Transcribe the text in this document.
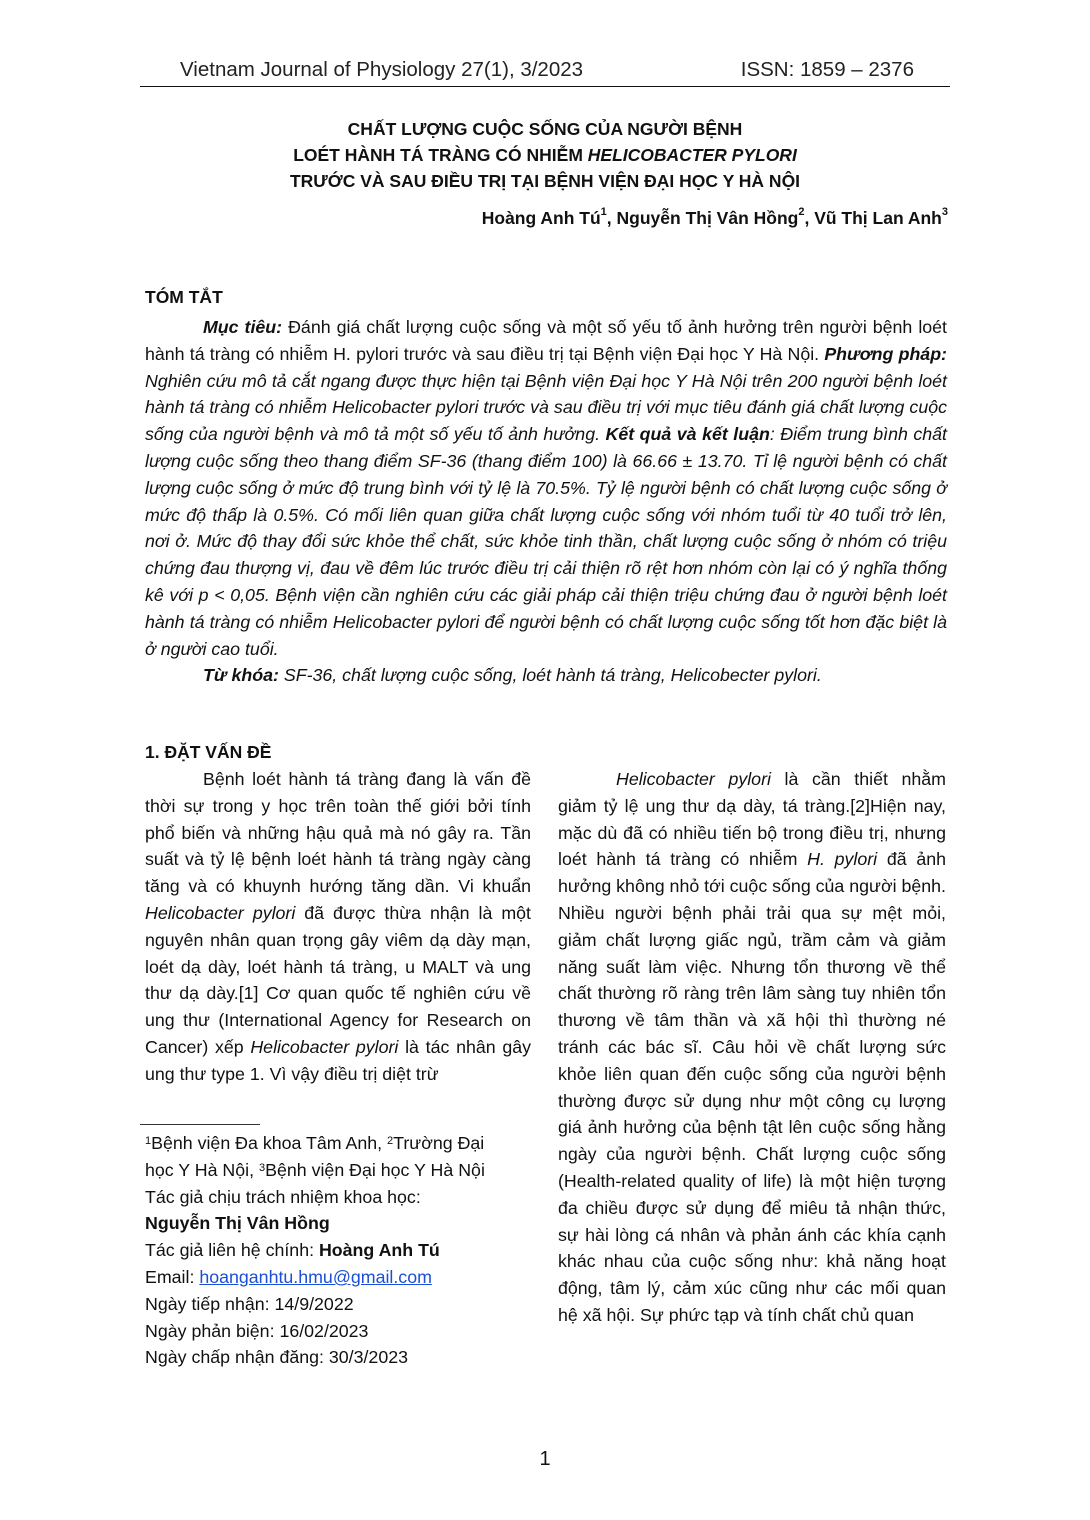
Vietnam Journal of Physiology 27(1), 3/2023	ISSN: 1859 – 2376
CHẤT LƯỢNG CUỘC SỐNG CỦA NGƯỜI BỆNH
LOÉT HÀNH TÁ TRÀNG CÓ NHIỄM HELICOBACTER PYLORI
TRƯỚC VÀ SAU ĐIỀU TRỊ TẠI BỆNH VIỆN ĐẠI HỌC Y HÀ NỘI
Hoàng Anh $Tú^1$, Nguyễn Thị Vân Hồng$^2$, Vũ Thị Lan Anh$^3$
TÓM TẮT

Mục tiêu: Đánh giá chất lượng cuộc sống và một số yếu tố ảnh hưởng trên người bệnh loét hành tá tràng có nhiễm H. pylori trước và sau điều trị tại Bệnh viện Đại học Y Hà Nội. Phương pháp: Nghiên cứu mô tả cắt ngang được thực hiện tại Bệnh viện Đại học Y Hà Nội trên 200 người bệnh loét hành tá tràng có nhiễm Helicobacter pylori trước và sau điều trị với mục tiêu đánh giá chất lượng cuộc sống của người bệnh và mô tả một số yếu tố ảnh hưởng. Kết quả và kết luận: Điểm trung bình chất lượng cuộc sống theo thang điểm SF-36 (thang điểm 100) là 66.66 ± 13.70. Tỉ lệ người bệnh có chất lượng cuộc sống ở mức độ trung bình với tỷ lệ là 70.5%. Tỷ lệ người bệnh có chất lượng cuộc sống ở mức độ thấp là 0.5%. Có mối liên quan giữa chất lượng cuộc sống với nhóm tuổi từ 40 tuổi trở lên, nơi ở. Mức độ thay đổi sức khỏe thể chất, sức khỏe tinh thần, chất lượng cuộc sống ở nhóm có triệu chứng đau thượng vị, đau về đêm lúc trước điều trị cải thiện rõ rệt hơn nhóm còn lại có ý nghĩa thống kê với p < 0,05. Bệnh viện cần nghiên cứu các giải pháp cải thiện triệu chứng đau ở người bệnh loét hành tá tràng có nhiễm Helicobacter pylori để người bệnh có chất lượng cuộc sống tốt hơn đặc biệt là ở người cao tuổi.

Từ khóa: SF-36, chất lượng cuộc sống, loét hành tá tràng, Helicobecter pylori.

1. ĐẶT VẤN ĐỀ

Bệnh loét hành tá tràng đang là vấn đề thời sự trong y học trên toàn thế giới bởi tính phổ biến và những hậu quả mà nó gây ra. Tần suất và tỷ lệ bệnh loét hành tá tràng ngày càng tăng và có khuynh hướng tăng dần. Vi khuẩn Helicobacter pylori đã được thừa nhận là một nguyên nhân quan trọng gây viêm dạ dày mạn, loét dạ dày, loét hành tá tràng, u MALT và ung thư dạ dày.[1] Cơ quan quốc tế nghiên cứu về ung thư (International Agency for Research on Cancer) xếp Helicobacter pylori là tác nhân gây ung thư type 1. Vì vậy điều trị diệt trừ

Helicobacter pylori là cần thiết nhằm giảm tỷ lệ ung thư dạ dày, tá tràng.[2]Hiện nay, mặc dù đã có nhiều tiến bộ trong điều trị, nhưng loét hành tá tràng có nhiễm H. pylori đã ảnh hưởng không nhỏ tới cuộc sống của người bệnh. Nhiều người bệnh phải trải qua sự mệt mỏi, giảm chất lượng giấc ngủ, trầm cảm và giảm năng suất làm việc. Nhưng tổn thương về thể chất thường rõ ràng trên lâm sàng tuy nhiên tổn thương về tâm thần và xã hội thì thường né tránh các bác sĩ. Câu hỏi về chất lượng sức khỏe liên quan đến cuộc sống của người bệnh thường được sử dụng như một công cụ lượng giá ảnh hưởng của bệnh tật lên cuộc sống hằng ngày của người bệnh. Chất lượng cuộc sống (Health-related quality of life) là một hiện tượng đa chiều được sử dụng để miêu tả nhận thức, sự hài lòng cá nhân và phản ánh các khía cạnh khác nhau của cuộc sống như: khả năng hoạt động, tâm lý, cảm xúc cũng như các mối quan hệ xã hội. Sự phức tạp và tính chất chủ quan

$^1$Bệnh viện Đa khoa Tâm Anh, $^2$Trường Đại
học Y Hà Nội, $^3$Bệnh viện Đại học Y Hà Nội
Tác giả chịu trách nhiệm khoa học:
Nguyễn Thị Vân Hồng
Tác giả liên hệ chính: Hoàng Anh Tú
Email: hoanganhtu.hmu@gmail.com
Ngày tiếp nhận: 14/9/2022
Ngày phản biện: 16/02/2023
Ngày chấp nhận đăng: 30/3/2023
1
